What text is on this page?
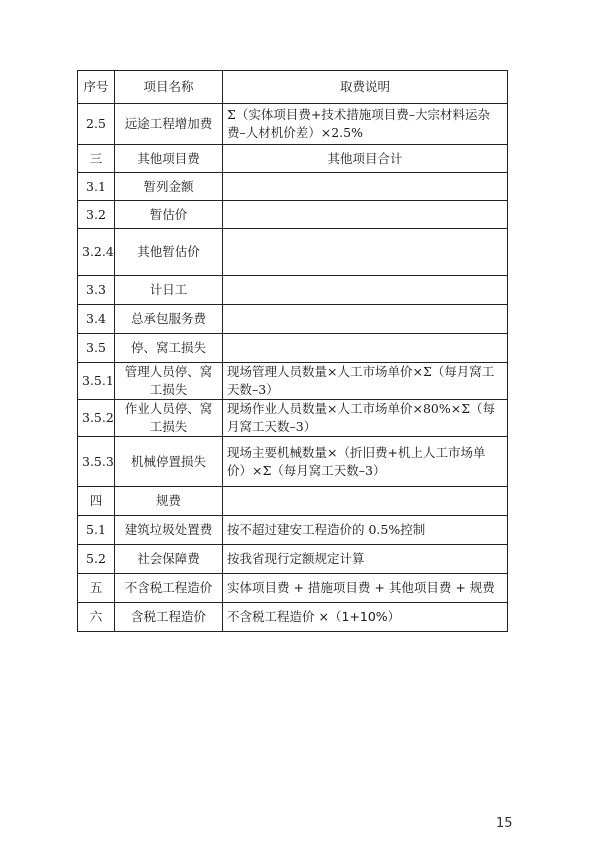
序号	项目名称	取费说明
2.5	远途工程增加费	Σ（实体项目费+技术措施项目费–大宗材料运杂费–人材机价差）×2.5%
三	其他项目费	其他项目合计
3.1	暂列金额	
3.2	暂估价	
3.2.4	其他暂估价	
3.3	计日工	
3.4	总承包服务费	
3.5	停、窝工损失	
3.5.1	管理人员停、窝工损失	现场管理人员数量×人工市场单价×Σ（每月窝工天数–3）
3.5.2	作业人员停、窝工损失	现场作业人员数量×人工市场单价×80%×Σ（每月窝工天数–3）
3.5.3	机械停置损失	现场主要机械数量×（折旧费+机上人工市场单价）×Σ（每月窝工天数–3）
四	规费	
5.1	建筑垃圾处置费	按不超过建安工程造价的 0.5%控制
5.2	社会保障费	按我省现行定额规定计算
五	不含税工程造价	实体项目费 + 措施项目费 + 其他项目费 + 规费
六	含税工程造价	不含税工程造价 ×（1+10%）
15
